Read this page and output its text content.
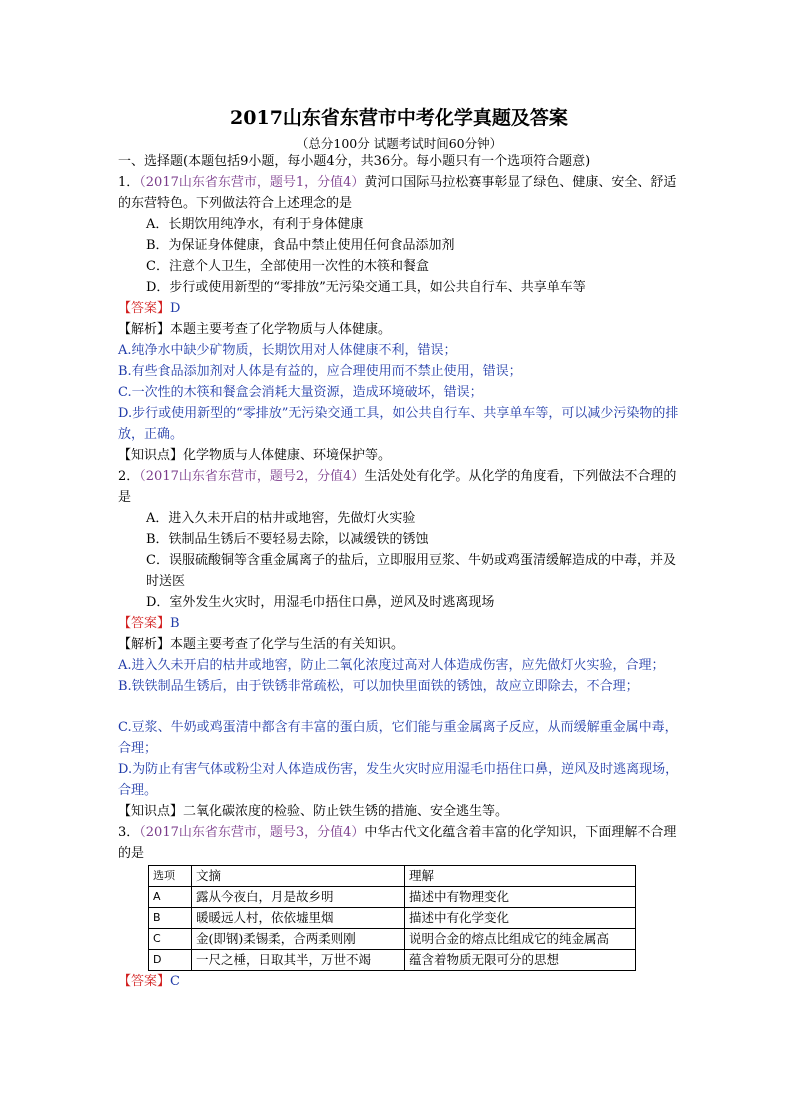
2017山东省东营市中考化学真题及答案
（总分100分 试题考试时间60分钟）

一、选择题(本题包括9小题，每小题4分，共36分。每小题只有一个选项符合题意)

1．（2017山东省东营市，题号1，分值4）黄河口国际马拉松赛事彰显了绿色、健康、安全、舒适的东营特色。下列做法符合上述理念的是

A．长期饮用纯净水，有利于身体健康

B．为保证身体健康，食品中禁止使用任何食品添加剂

C．注意个人卫生，全部使用一次性的木筷和餐盒

D．步行或使用新型的“零排放”无污染交通工具，如公共自行车、共享单车等

【答案】D

【解析】本题主要考查了化学物质与人体健康。

A.纯净水中缺少矿物质，长期饮用对人体健康不利，错误；

B.有些食品添加剂对人体是有益的，应合理使用而不禁止使用，错误；

C.一次性的木筷和餐盒会消耗大量资源，造成环境破坏，错误；

D.步行或使用新型的“零排放”无污染交通工具，如公共自行车、共享单车等，可以减少污染物的排放，正确。

【知识点】化学物质与人体健康、环境保护等。

2．（2017山东省东营市，题号2，分值4）生活处处有化学。从化学的角度看，下列做法不合理的是

A．进入久未开启的枯井或地窖，先做灯火实验

B．铁制品生锈后不要轻易去除，以减缓铁的锈蚀

C．误服硫酸铜等含重金属离子的盐后，立即服用豆浆、牛奶或鸡蛋清缓解造成的中毒，并及时送医

D．室外发生火灾时，用湿毛巾捂住口鼻，逆风及时逃离现场

【答案】B

【解析】本题主要考查了化学与生活的有关知识。

A.进入久未开启的枯井或地窖，防止二氧化浓度过高对人体造成伤害，应先做灯火实验，合理；

B.铁铁制品生锈后，由于铁锈非常疏松，可以加快里面铁的锈蚀，故应立即除去，不合理；

C.豆浆、牛奶或鸡蛋清中都含有丰富的蛋白质，它们能与重金属离子反应，从而缓解重金属中毒，合理；

D.为防止有害气体或粉尘对人体造成伤害，发生火灾时应用湿毛巾捂住口鼻，逆风及时逃离现场，合理。

【知识点】二氧化碳浓度的检验、防止铁生锈的措施、安全逃生等。

3．（2017山东省东营市，题号3，分值4）中华古代文化蕴含着丰富的化学知识，下面理解不合理的是

选项	文摘	理解
A	露从今夜白，月是故乡明	描述中有物理变化
B	暖暖远人村，依依墟里烟	描述中有化学变化
C	金(即钢)柔锡柔，合两柔则刚	说明合金的熔点比组成它的纯金属高
D	一尺之棰，日取其半，万世不竭	蕴含着物质无限可分的思想

【答案】C
